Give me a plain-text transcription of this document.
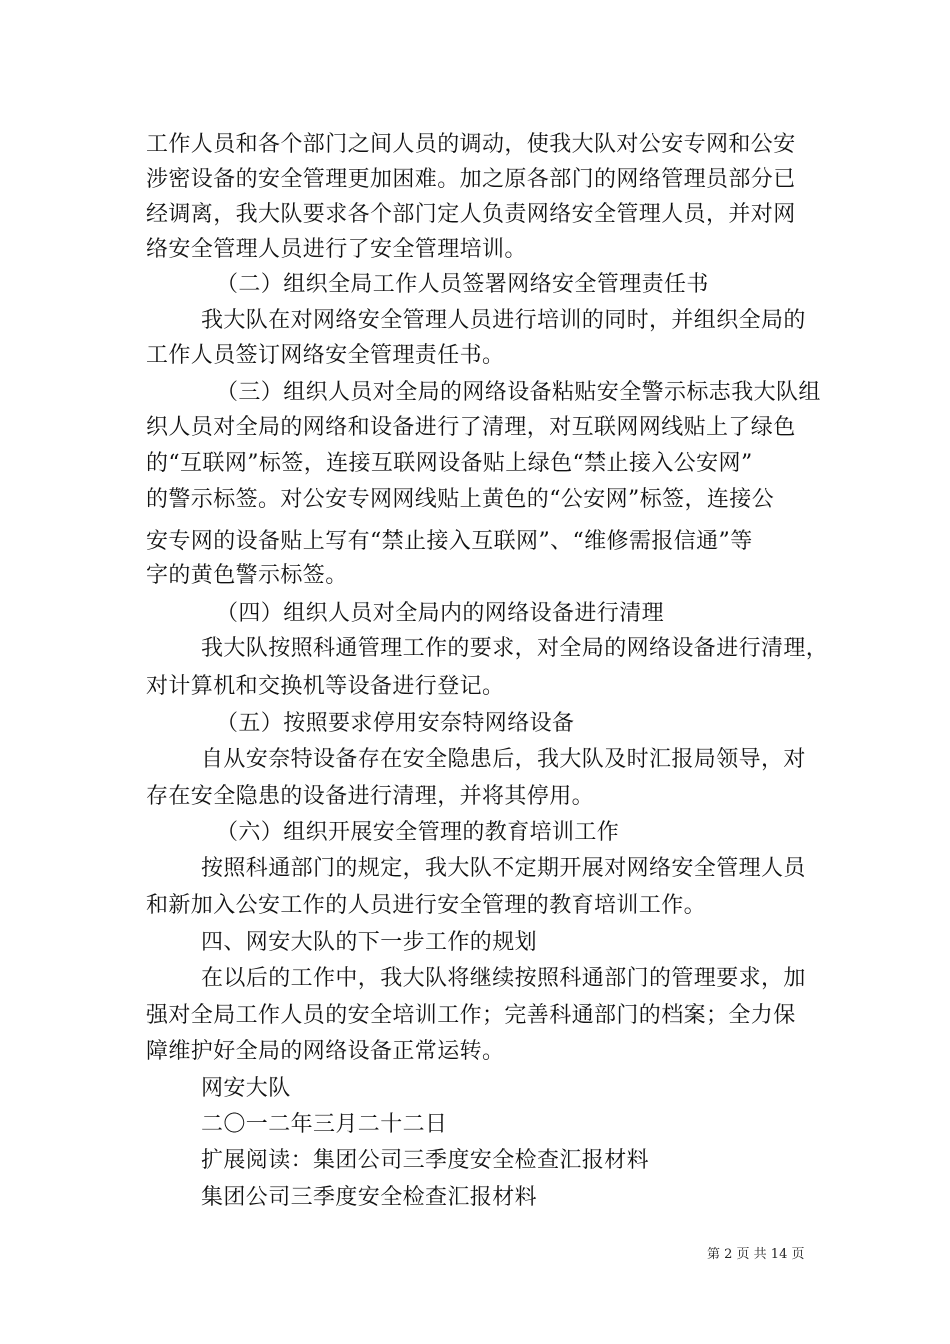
工作人员和各个部门之间人员的调动，使我大队对公安专网和公安
涉密设备的安全管理更加困难。加之原各部门的网络管理员部分已
经调离，我大队要求各个部门定人负责网络安全管理人员，并对网
络安全管理人员进行了安全管理培训。
（二）组织全局工作人员签署网络安全管理责任书
我大队在对网络安全管理人员进行培训的同时，并组织全局的
工作人员签订网络安全管理责任书。
（三）组织人员对全局的网络设备粘贴安全警示标志我大队组
织人员对全局的网络和设备进行了清理，对互联网网线贴上了绿色
的“互联网”标签，连接互联网设备贴上绿色“禁止接入公安网”
的警示标签。对公安专网网线贴上黄色的“公安网”标签，连接公
安专网的设备贴上写有“禁止接入互联网”、“维修需报信通”等
字的黄色警示标签。
（四）组织人员对全局内的网络设备进行清理
我大队按照科通管理工作的要求，对全局的网络设备进行清理，
对计算机和交换机等设备进行登记。
（五）按照要求停用安奈特网络设备
自从安奈特设备存在安全隐患后，我大队及时汇报局领导，对
存在安全隐患的设备进行清理，并将其停用。
（六）组织开展安全管理的教育培训工作
按照科通部门的规定，我大队不定期开展对网络安全管理人员
和新加入公安工作的人员进行安全管理的教育培训工作。
四、网安大队的下一步工作的规划
在以后的工作中，我大队将继续按照科通部门的管理要求，加
强对全局工作人员的安全培训工作；完善科通部门的档案；全力保
障维护好全局的网络设备正常运转。
网安大队
二〇一二年三月二十二日
扩展阅读：集团公司三季度安全检查汇报材料
集团公司三季度安全检查汇报材料
第 2 页 共 14 页
